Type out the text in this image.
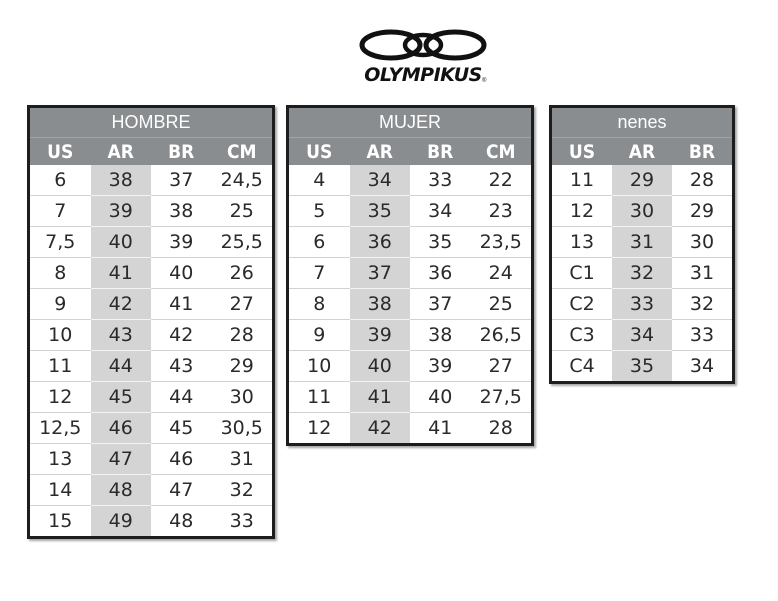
OLYMPIKUS ®
HOMBRE			
US	AR	BR	CM
6	38	37	24,5
7	39	38	25
7,5	40	39	25,5
8	41	40	26
9	42	41	27
10	43	42	28
11	44	43	29
12	45	44	30
12,5	46	45	30,5
13	47	46	31
14	48	47	32
15	49	48	33
MUJER			
US	AR	BR	CM
4	34	33	22
5	35	34	23
6	36	35	23,5
7	37	36	24
8	38	37	25
9	39	38	26,5
10	40	39	27
11	41	40	27,5
12	42	41	28
nenes		
US	AR	BR
11	29	28
12	30	29
13	31	30
C1	32	31
C2	33	32
C3	34	33
C4	35	34
